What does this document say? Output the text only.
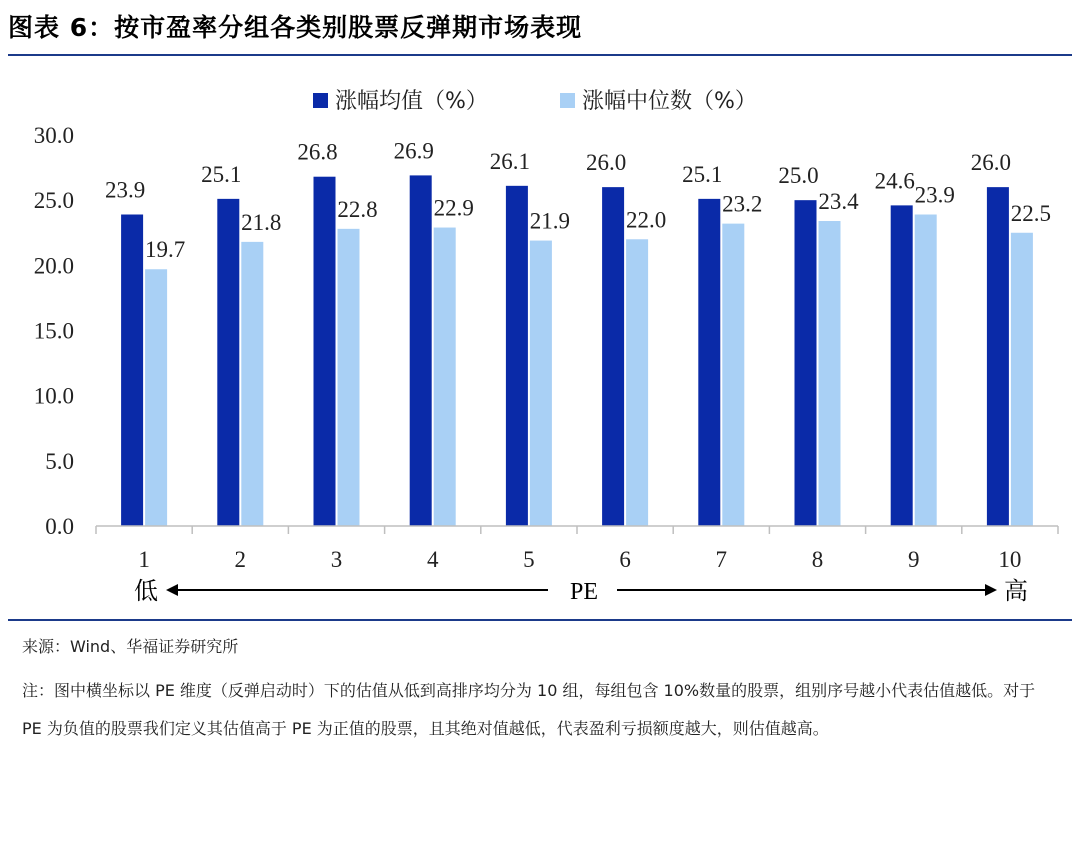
图表 6：按市盈率分组各类别股票反弹期市场表现
涨幅均值（%）	涨幅中位数（%）
0.0
5.0
10.0
15.0
20.0
25.0
30.0
23.9
19.7
25.1
21.8
26.8
22.8
26.9
22.9
26.1
21.9
26.0
22.0
25.1
23.2
25.0
23.4
24.6
23.9
26.0
22.5
1	2	3	4	5	6	7	8	9	10
低	PE	高
来源：Wind、华福证券研究所
注：图中横坐标以 PE 维度（反弹启动时）下的估值从低到高排序均分为 10 组，每组包含 10%数量的股票，组别序号越小代表估值越低。对于 PE 为负值的股票我们定义其估值高于 PE 为正值的股票，且其绝对值越低，代表盈利亏损额度越大，则估值越高。
